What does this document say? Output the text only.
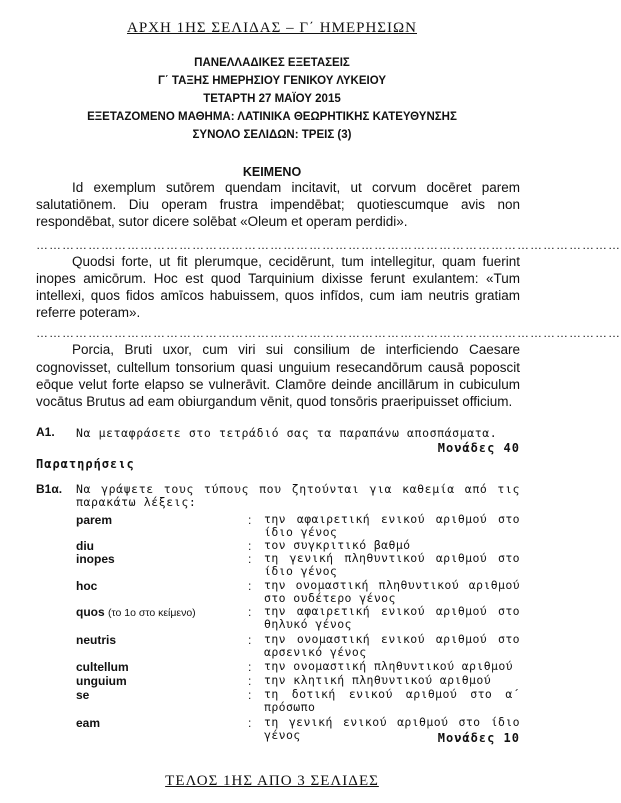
ΑΡΧΗ 1ΗΣ ΣΕΛΙΔΑΣ – Γ΄ ΗΜΕΡΗΣΙΩΝ
ΠΑΝΕΛΛΑΔΙΚΕΣ ΕΞΕΤΑΣΕΙΣ
Γ΄ ΤΑΞΗΣ ΗΜΕΡΗΣΙΟΥ ΓΕΝΙΚΟΥ ΛΥΚΕΙΟΥ
ΤΕΤΑΡΤΗ 27 ΜΑΪΟΥ 2015
ΕΞΕΤΑΖΟΜΕΝΟ ΜΑΘΗΜΑ: ΛΑΤΙΝΙΚΑ ΘΕΩΡΗΤΙΚΗΣ ΚΑΤΕΥΘΥΝΣΗΣ
ΣΥΝΟΛΟ ΣΕΛΙΔΩΝ: ΤΡΕΙΣ (3)
ΚΕΙΜΕΝΟ

Id exemplum sutōrem quendam incitavit, ut corvum docēret parem salutatiōnem. Diu operam frustra impendēbat; quotiescumque avis non respondēbat, sutor dicere solēbat «Oleum et operam perdidi».

………………………………………………………………………………………………………………………

Quodsi forte, ut fit plerumque, cecidērunt, tum intellegitur, quam fuerint inopes amicōrum. Hoc est quod Tarquinium dixisse ferunt exulantem: «Tum intellexi, quos fidos amīcos habuissem, quos infīdos, cum iam neutris gratiam referre poteram».

………………………………………………………………………………………………………………………

Porcia, Bruti uxor, cum viri sui consilium de interficiendo Caesare cognovisset, cultellum tonsorium quasi unguium resecandōrum causā poposcit eōque velut forte elapso se vulnerāvit. Clamōre deinde ancillārum in cubiculum vocātus Brutus ad eam obiurgandum vēnit, quod tonsōris praeripuisset officium.

Α1. Να μεταφράσετε στο τετράδιό σας τα παραπάνω αποσπάσματα.
Μονάδες 40
Παρατηρήσεις
Β1α. Να γράψετε τους τύπους που ζητούνται για καθεμία από τις παρακάτω λέξεις:
parem	: την αφαιρετική ενικού αριθμού στο ίδιο γένος
diu	: τον συγκριτικό βαθμό
inopes	: τη γενική πληθυντικού αριθμού στο ίδιο γένος
hoc	: την ονομαστική πληθυντικού αριθμού στο ουδέτερο γένος
quos (το 1ο στο κείμενο)	: την αφαιρετική ενικού αριθμού στο θηλυκό γένος
neutris	: την ονομαστική ενικού αριθμού στο αρσενικό γένος
cultellum	: την ονομαστική πληθυντικού αριθμού
unguium	: την κλητική πληθυντικού αριθμού
se	: τη δοτική ενικού αριθμού στο α΄ πρόσωπο
eam	: τη γενική ενικού αριθμού στο ίδιο γένος	Μονάδες 10
ΤΕΛΟΣ 1ΗΣ ΑΠΟ 3 ΣΕΛΙΔΕΣ
